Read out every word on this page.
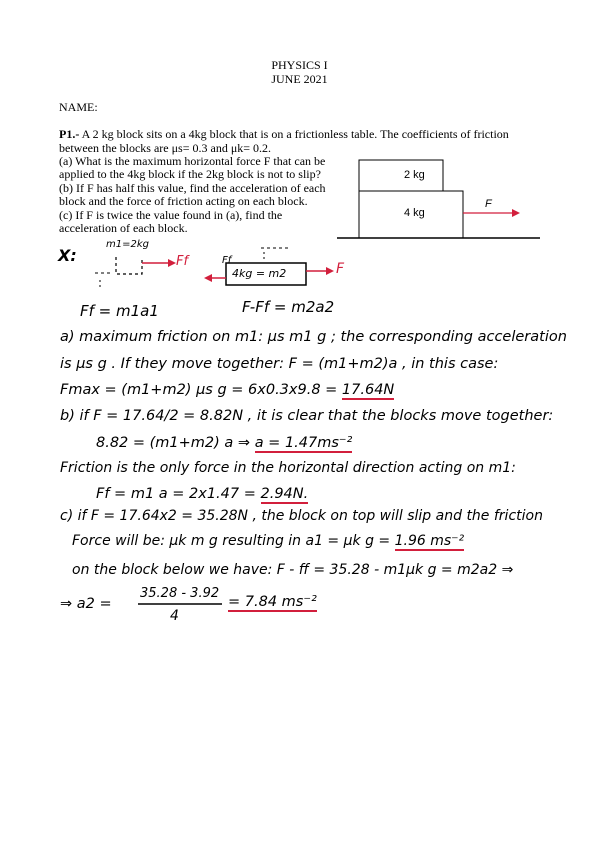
PHYSICS I
JUNE 2021
NAME:
P1.- A 2 kg block sits on a 4kg block that is on a frictionless table. The coefficients of friction
between the blocks are μs= 0.3 and μk= 0.2.
(a) What is the maximum horizontal force F that can be
applied to the 4kg block if the 2kg block is not to slip?
(b) If F has half this value, find the acceleration of each
block and the force of friction acting on each block.
(c) If F is twice the value found in (a), find the
acceleration of each block.
2 kg
4 kg
F
X:
m1=2kg
Ff	Ff
4kg = m2	F
Ff = m1a1	F-Ff = m2a2
a) maximum friction on m1: μs m1 g ; the corresponding acceleration
is μs g . If they move together: F = (m1+m2)a , in this case:
Fmax = (m1+m2) μs g = 6x0.3x9.8 = 17.64N
b) if F = 17.64/2 = 8.82N , it is clear that the blocks move together:
8.82 = (m1+m2) a ⇒ a = 1.47ms⁻²
Friction is the only force in the horizontal direction acting on m1:
Ff = m1 a = 2x1.47 = 2.94N.
c) if F = 17.64x2 = 35.28N , the block on top will slip and the friction
Force will be: μk m g resulting in a1 = μk g = 1.96 ms⁻²
on the block below we have: F - ff = 35.28 - m1μk g = m2a2 ⇒
⇒ a2 =
35.28 - 3.92
4
= 7.84 ms⁻²
